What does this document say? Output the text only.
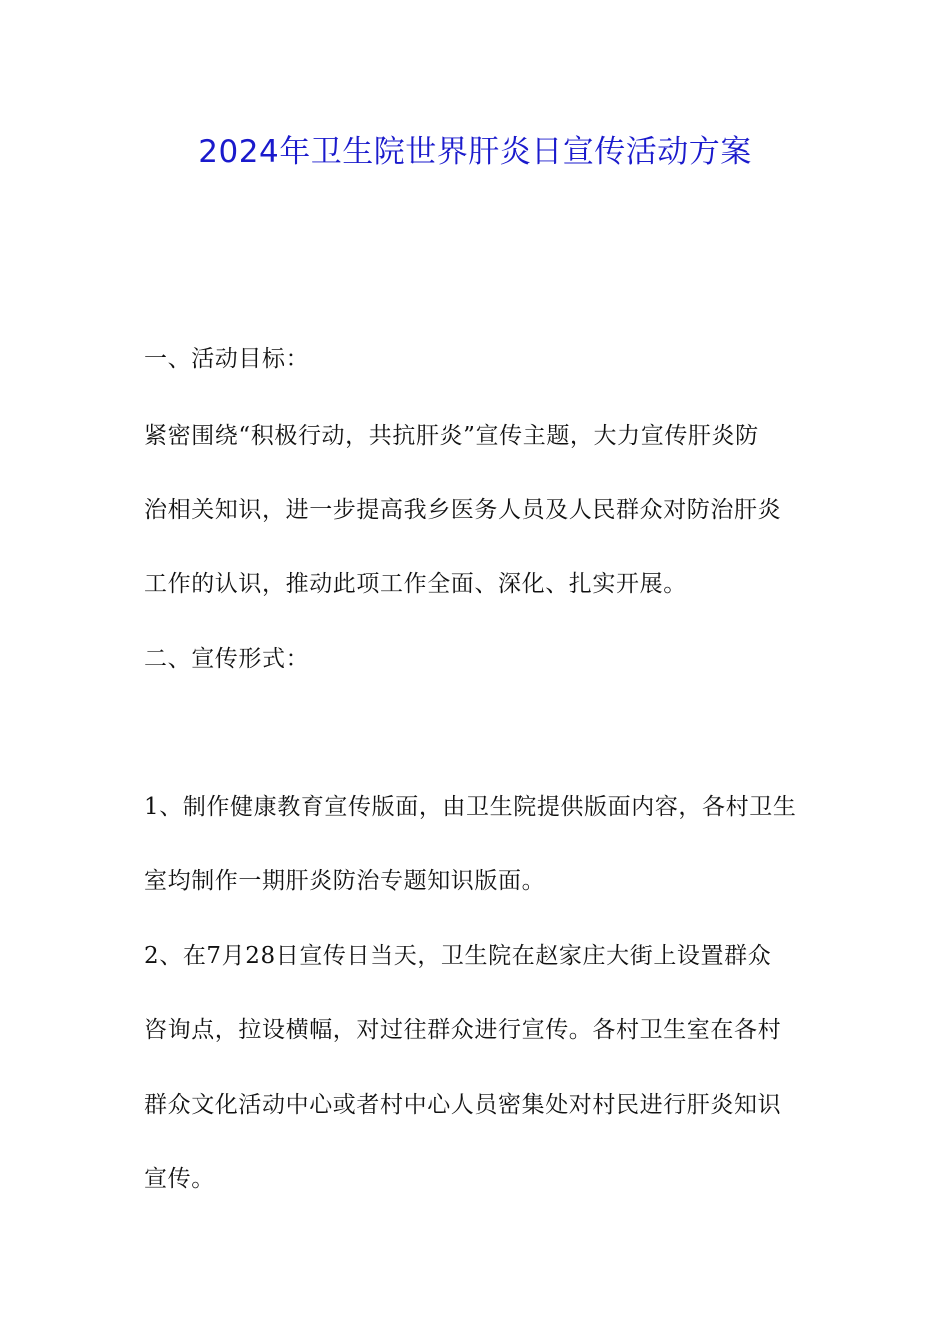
2024年卫生院世界肝炎日宣传活动方案
一、活动目标：
紧密围绕“积极行动，共抗肝炎”宣传主题，大力宣传肝炎防
治相关知识，进一步提高我乡医务人员及人民群众对防治肝炎
工作的认识，推动此项工作全面、深化、扎实开展。
二、宣传形式：
1、制作健康教育宣传版面，由卫生院提供版面内容，各村卫生
室均制作一期肝炎防治专题知识版面。
2、在7月28日宣传日当天，卫生院在赵家庄大街上设置群众
咨询点，拉设横幅，对过往群众进行宣传。各村卫生室在各村
群众文化活动中心或者村中心人员密集处对村民进行肝炎知识
宣传。
